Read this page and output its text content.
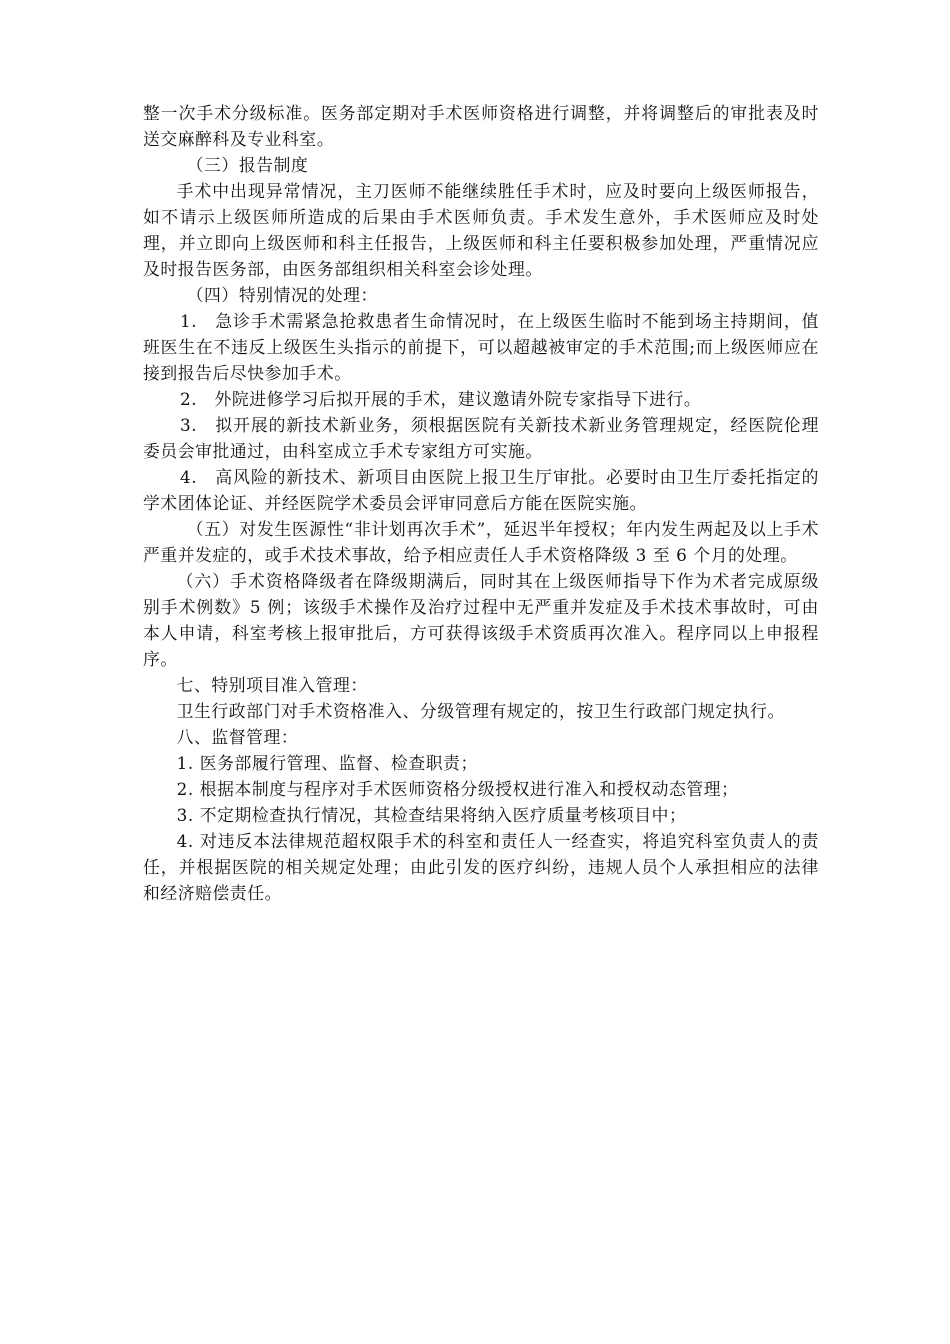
整一次手术分级标准。医务部定期对手术医师资格进行调整，并将调整后的审批表及时送交麻醉科及专业科室。

（三）报告制度

手术中出现异常情况，主刀医师不能继续胜任手术时，应及时要向上级医师报告，如不请示上级医师所造成的后果由手术医师负责。手术发生意外，手术医师应及时处理，并立即向上级医师和科主任报告，上级医师和科主任要积极参加处理，严重情况应及时报告医务部，由医务部组织相关科室会诊处理。

（四）特别情况的处理：

1.　急诊手术需紧急抢救患者生命情况时，在上级医生临时不能到场主持期间，值班医生在不违反上级医生头指示的前提下，可以超越被审定的手术范围;而上级医师应在接到报告后尽快参加手术。

2.　外院进修学习后拟开展的手术，建议邀请外院专家指导下进行。

3.　拟开展的新技术新业务，须根据医院有关新技术新业务管理规定，经医院伦理委员会审批通过，由科室成立手术专家组方可实施。

4.　高风险的新技术、新项目由医院上报卫生厅审批。必要时由卫生厅委托指定的学术团体论证、并经医院学术委员会评审同意后方能在医院实施。

（五）对发生医源性“非计划再次手术”，延迟半年授权；年内发生两起及以上手术严重并发症的，或手术技术事故，给予相应责任人手术资格降级 3 至 6 个月的处理。

（六）手术资格降级者在降级期满后，同时其在上级医师指导下作为术者完成原级别手术例数》5 例；该级手术操作及治疗过程中无严重并发症及手术技术事故时，可由本人申请，科室考核上报审批后，方可获得该级手术资质再次准入。程序同以上申报程序。

七、特别项目准入管理：

卫生行政部门对手术资格准入、分级管理有规定的，按卫生行政部门规定执行。

八、监督管理：

1. 医务部履行管理、监督、检查职责；

2. 根据本制度与程序对手术医师资格分级授权进行准入和授权动态管理；

3. 不定期检查执行情况，其检查结果将纳入医疗质量考核项目中；

4. 对违反本法律规范超权限手术的科室和责任人一经查实，将追究科室负责人的责任，并根据医院的相关规定处理；由此引发的医疗纠纷，违规人员个人承担相应的法律和经济赔偿责任。
